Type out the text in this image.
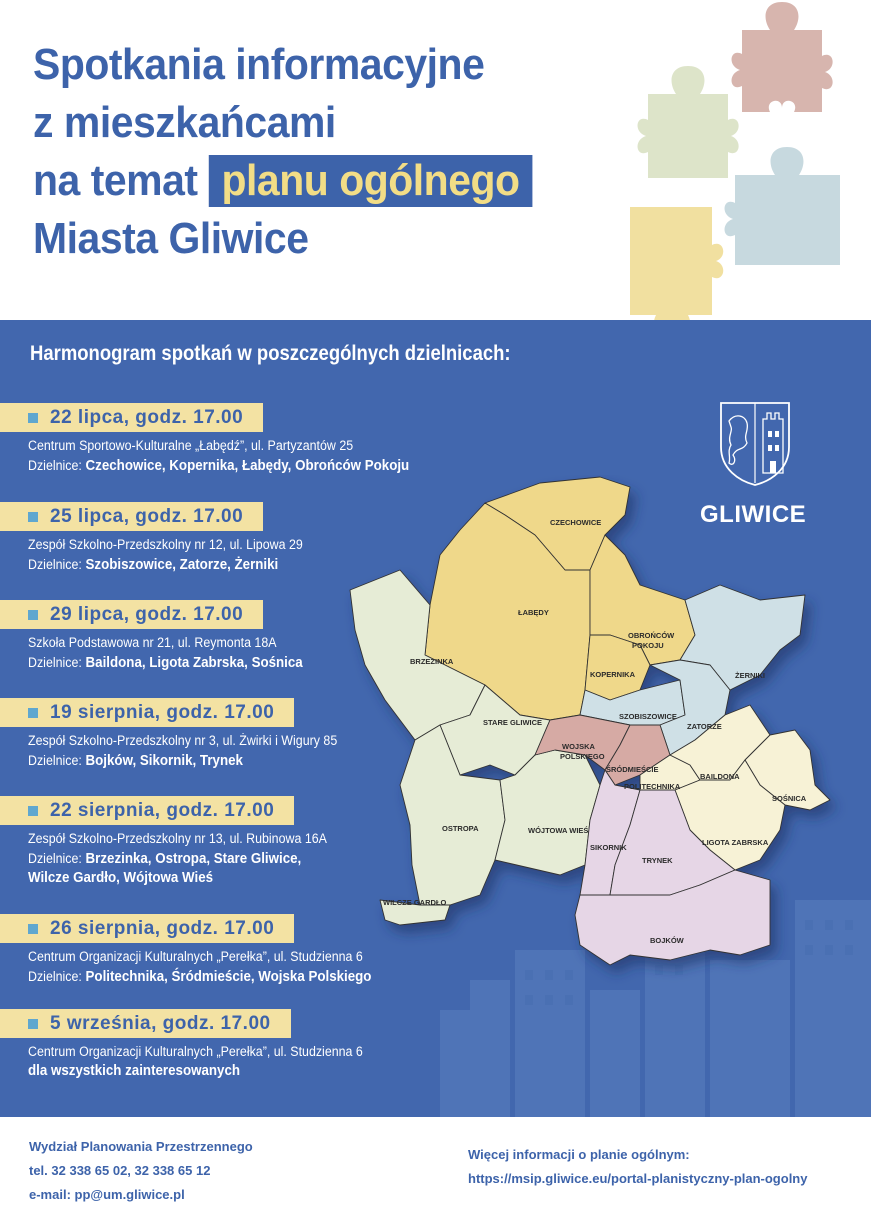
Spotkania informacyjne
z mieszkańcami
na temat planu ogólnego
Miasta Gliwice
Harmonogram spotkań w poszczególnych dzielnicach:
22 lipca, godz. 17.00
Centrum Sportowo-Kulturalne „Łabędź”, ul. Partyzantów 25
Dzielnice: Czechowice, Kopernika, Łabędy, Obrońców Pokoju
25 lipca, godz. 17.00
Zespół Szkolno-Przedszkolny nr 12, ul. Lipowa 29
Dzielnice: Szobiszowice, Zatorze, Żerniki
29 lipca, godz. 17.00
Szkoła Podstawowa nr 21, ul. Reymonta 18A
Dzielnice: Baildona, Ligota Zabrska, Sośnica
19 sierpnia, godz. 17.00
Zespół Szkolno-Przedszkolny nr 3, ul. Żwirki i Wigury 85
Dzielnice: Bojków, Sikornik, Trynek
22 sierpnia, godz. 17.00
Zespół Szkolno-Przedszkolny nr 13, ul. Rubinowa 16A
Dzielnice: Brzezinka, Ostropa, Stare Gliwice,
Wilcze Gardło, Wójtowa Wieś
26 sierpnia, godz. 17.00
Centrum Organizacji Kulturalnych „Perełka”, ul. Studzienna 6
Dzielnice: Politechnika, Śródmieście, Wojska Polskiego
5 września, godz. 17.00
Centrum Organizacji Kulturalnych „Perełka”, ul. Studzienna 6
dla wszystkich zainteresowanych
GLIWICE
CZECHOWICE
ŁABĘDY
OBROŃCÓW
POKOJU
KOPERNIKA	ŻERNIKI
BRZEZINKA
STARE GLIWICE
SZOBISZOWICE
ZATORZE
WOJSKA
POLSKIEGO
ŚRÓDMIEŚCIE
POLITECHNIKA
BAILDONA
SOŚNICA
OSTROPA	WÓJTOWA WIEŚ
LIGOTA ZABRSKA
SIKORNIK
TRYNEK
WILCZE GARDŁO
BOJKÓW
Wydział Planowania Przestrzennego
tel. 32 338 65 02, 32 338 65 12
e-mail: pp@um.gliwice.pl
Więcej informacji o planie ogólnym:
https://msip.gliwice.eu/portal-planistyczny-plan-ogolny
